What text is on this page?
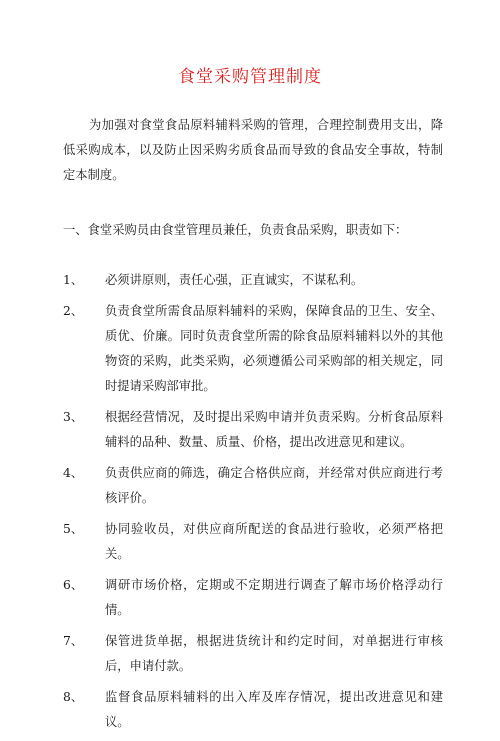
食堂采购管理制度

为加强对食堂食品原料辅料采购的管理，合理控制费用支出，降低采购成本，以及防止因采购劣质食品而导致的食品安全事故，特制定本制度。

一、食堂采购员由食堂管理员兼任，负责食品采购，职责如下：
1、	必须讲原则，责任心强，正直诚实，不谋私利。
2、	负责食堂所需食品原料辅料的采购，保障食品的卫生、安全、质优、价廉。同时负责食堂所需的除食品原料辅料以外的其他物资的采购，此类采购，必须遵循公司采购部的相关规定，同时提请采购部审批。
3、	根据经营情况，及时提出采购申请并负责采购。分析食品原料辅料的品种、数量、质量、价格，提出改进意见和建议。
4、	负责供应商的筛选，确定合格供应商，并经常对供应商进行考核评价。
5、	协同验收员，对供应商所配送的食品进行验收，必须严格把关。
6、	调研市场价格，定期或不定期进行调查了解市场价格浮动行情。
7、	保管进货单据，根据进货统计和约定时间，对单据进行审核后，申请付款。
8、	监督食品原料辅料的出入库及库存情况，提出改进意见和建议。
